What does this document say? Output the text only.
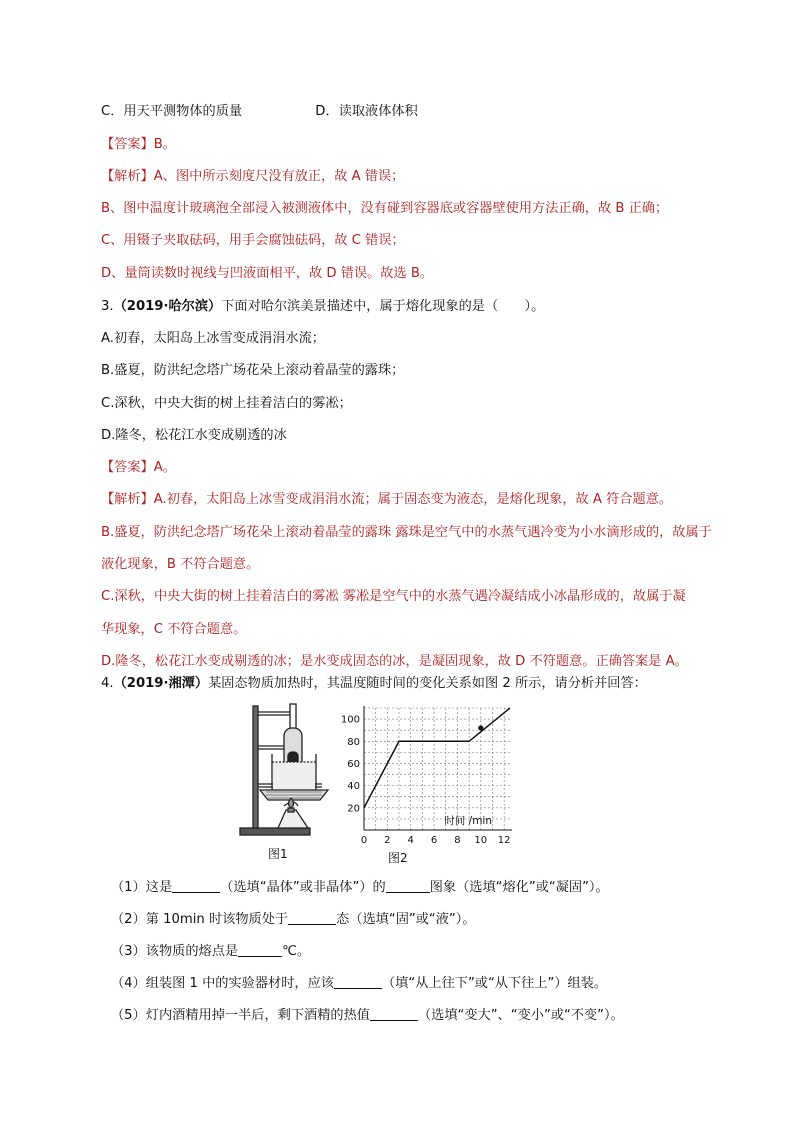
C．用天平测物体的质量	D．读取液体体积
【答案】B。
【解析】A、图中所示刻度尺没有放正，故 A 错误；
B、图中温度计玻璃泡全部浸入被测液体中，没有碰到容器底或容器壁使用方法正确，故 B 正确；
C、用镊子夹取砝码，用手会腐蚀砝码，故 C 错误；
D、量筒读数时视线与凹液面相平，故 D 错误。故选 B。
3.（2019·哈尔滨）下面对哈尔滨美景描述中，属于熔化现象的是（　　）。
A.初春，太阳岛上冰雪变成涓涓水流；
B.盛夏，防洪纪念塔广场花朵上滚动着晶莹的露珠；
C.深秋，中央大街的树上挂着洁白的雾凇；
D.隆冬，松花江水变成剔透的冰
【答案】A。
【解析】A.初春，太阳岛上冰雪变成涓涓水流；属于固态变为液态，是熔化现象，故 A 符合题意。
B.盛夏，防洪纪念塔广场花朵上滚动着晶莹的露珠 露珠是空气中的水蒸气遇冷变为小水滴形成的，故属于
液化现象，B 不符合题意。
C.深秋，中央大街的树上挂着洁白的雾凇 雾凇是空气中的水蒸气遇冷凝结成小冰晶形成的，故属于凝
华现象，C 不符合题意。
D.隆冬，松花江水变成剔透的冰；是水变成固态的冰，是凝固现象，故 D 不符题意。正确答案是 A。
4.（2019·湘潭）某固态物质加热时，其温度随时间的变化关系如图 2 所示，请分析并回答：
图1
0 2 4 6 8 10 12
20
40
60
80
100
时间 /min
图2
（1）这是	（选填“晶体”或非晶体”）的	图象（选填“熔化”或“凝固”）。
（2）第 10min 时该物质处于	态（选填“固”或“液”）。
（3）该物质的熔点是	℃。
（4）组装图 1 中的实验器材时，应该	（填“从上往下”或“从下往上”）组装。
（5）灯内酒精用掉一半后，剩下酒精的热值	（选填“变大”、“变小”或“不变”）。
